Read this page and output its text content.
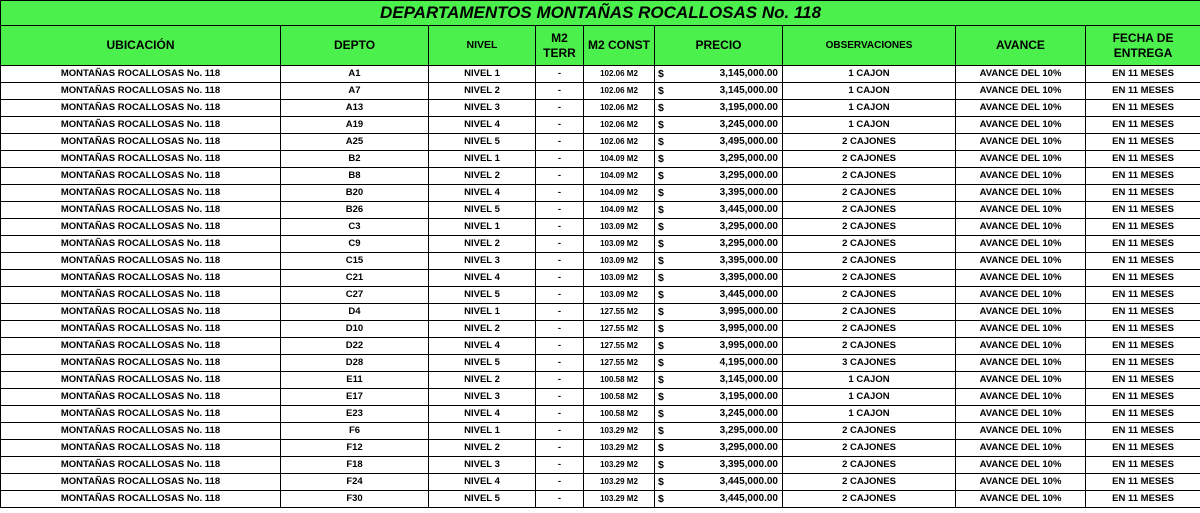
DEPARTAMENTOS MONTAÑAS ROCALLOSAS No. 118									
UBICACIÓN	DEPTO	NIVEL	M2 TERR	M2 CONST	PRECIO		OBSERVACIONES	AVANCE	FECHA DE ENTREGA
MONTAÑAS ROCALLOSAS No. 118	A1	NIVEL 1	-	102.06 M2	$	3,145,000.00	1 CAJON	AVANCE DEL 10%	EN 11 MESES
MONTAÑAS ROCALLOSAS No. 118	A7	NIVEL 2	-	102.06 M2	$	3,145,000.00	1 CAJON	AVANCE DEL 10%	EN 11 MESES
MONTAÑAS ROCALLOSAS No. 118	A13	NIVEL 3	-	102.06 M2	$	3,195,000.00	1 CAJON	AVANCE DEL 10%	EN 11 MESES
MONTAÑAS ROCALLOSAS No. 118	A19	NIVEL 4	-	102.06 M2	$	3,245,000.00	1 CAJON	AVANCE DEL 10%	EN 11 MESES
MONTAÑAS ROCALLOSAS No. 118	A25	NIVEL 5	-	102.06 M2	$	3,495,000.00	2 CAJONES	AVANCE DEL 10%	EN 11 MESES
MONTAÑAS ROCALLOSAS No. 118	B2	NIVEL 1	-	104.09 M2	$	3,295,000.00	2 CAJONES	AVANCE DEL 10%	EN 11 MESES
MONTAÑAS ROCALLOSAS No. 118	B8	NIVEL 2	-	104.09 M2	$	3,295,000.00	2 CAJONES	AVANCE DEL 10%	EN 11 MESES
MONTAÑAS ROCALLOSAS No. 118	B20	NIVEL 4	-	104.09 M2	$	3,395,000.00	2 CAJONES	AVANCE DEL 10%	EN 11 MESES
MONTAÑAS ROCALLOSAS No. 118	B26	NIVEL 5	-	104.09 M2	$	3,445,000.00	2 CAJONES	AVANCE DEL 10%	EN 11 MESES
MONTAÑAS ROCALLOSAS No. 118	C3	NIVEL 1	-	103.09 M2	$	3,295,000.00	2 CAJONES	AVANCE DEL 10%	EN 11 MESES
MONTAÑAS ROCALLOSAS No. 118	C9	NIVEL 2	-	103.09 M2	$	3,295,000.00	2 CAJONES	AVANCE DEL 10%	EN 11 MESES
MONTAÑAS ROCALLOSAS No. 118	C15	NIVEL 3	-	103.09 M2	$	3,395,000.00	2 CAJONES	AVANCE DEL 10%	EN 11 MESES
MONTAÑAS ROCALLOSAS No. 118	C21	NIVEL 4	-	103.09 M2	$	3,395,000.00	2 CAJONES	AVANCE DEL 10%	EN 11 MESES
MONTAÑAS ROCALLOSAS No. 118	C27	NIVEL 5	-	103.09 M2	$	3,445,000.00	2 CAJONES	AVANCE DEL 10%	EN 11 MESES
MONTAÑAS ROCALLOSAS No. 118	D4	NIVEL 1	-	127.55 M2	$	3,995,000.00	2 CAJONES	AVANCE DEL 10%	EN 11 MESES
MONTAÑAS ROCALLOSAS No. 118	D10	NIVEL 2	-	127.55 M2	$	3,995,000.00	2 CAJONES	AVANCE DEL 10%	EN 11 MESES
MONTAÑAS ROCALLOSAS No. 118	D22	NIVEL 4	-	127.55 M2	$	3,995,000.00	2 CAJONES	AVANCE DEL 10%	EN 11 MESES
MONTAÑAS ROCALLOSAS No. 118	D28	NIVEL 5	-	127.55 M2	$	4,195,000.00	3 CAJONES	AVANCE DEL 10%	EN 11 MESES
MONTAÑAS ROCALLOSAS No. 118	E11	NIVEL 2	-	100.58 M2	$	3,145,000.00	1 CAJON	AVANCE DEL 10%	EN 11 MESES
MONTAÑAS ROCALLOSAS No. 118	E17	NIVEL 3	-	100.58 M2	$	3,195,000.00	1 CAJON	AVANCE DEL 10%	EN 11 MESES
MONTAÑAS ROCALLOSAS No. 118	E23	NIVEL 4	-	100.58 M2	$	3,245,000.00	1 CAJON	AVANCE DEL 10%	EN 11 MESES
MONTAÑAS ROCALLOSAS No. 118	F6	NIVEL 1	-	103.29 M2	$	3,295,000.00	2 CAJONES	AVANCE DEL 10%	EN 11 MESES
MONTAÑAS ROCALLOSAS No. 118	F12	NIVEL 2	-	103.29 M2	$	3,295,000.00	2 CAJONES	AVANCE DEL 10%	EN 11 MESES
MONTAÑAS ROCALLOSAS No. 118	F18	NIVEL 3	-	103.29 M2	$	3,395,000.00	2 CAJONES	AVANCE DEL 10%	EN 11 MESES
MONTAÑAS ROCALLOSAS No. 118	F24	NIVEL 4	-	103.29 M2	$	3,445,000.00	2 CAJONES	AVANCE DEL 10%	EN 11 MESES
MONTAÑAS ROCALLOSAS No. 118	F30	NIVEL 5	-	103.29 M2	$	3,445,000.00	2 CAJONES	AVANCE DEL 10%	EN 11 MESES
